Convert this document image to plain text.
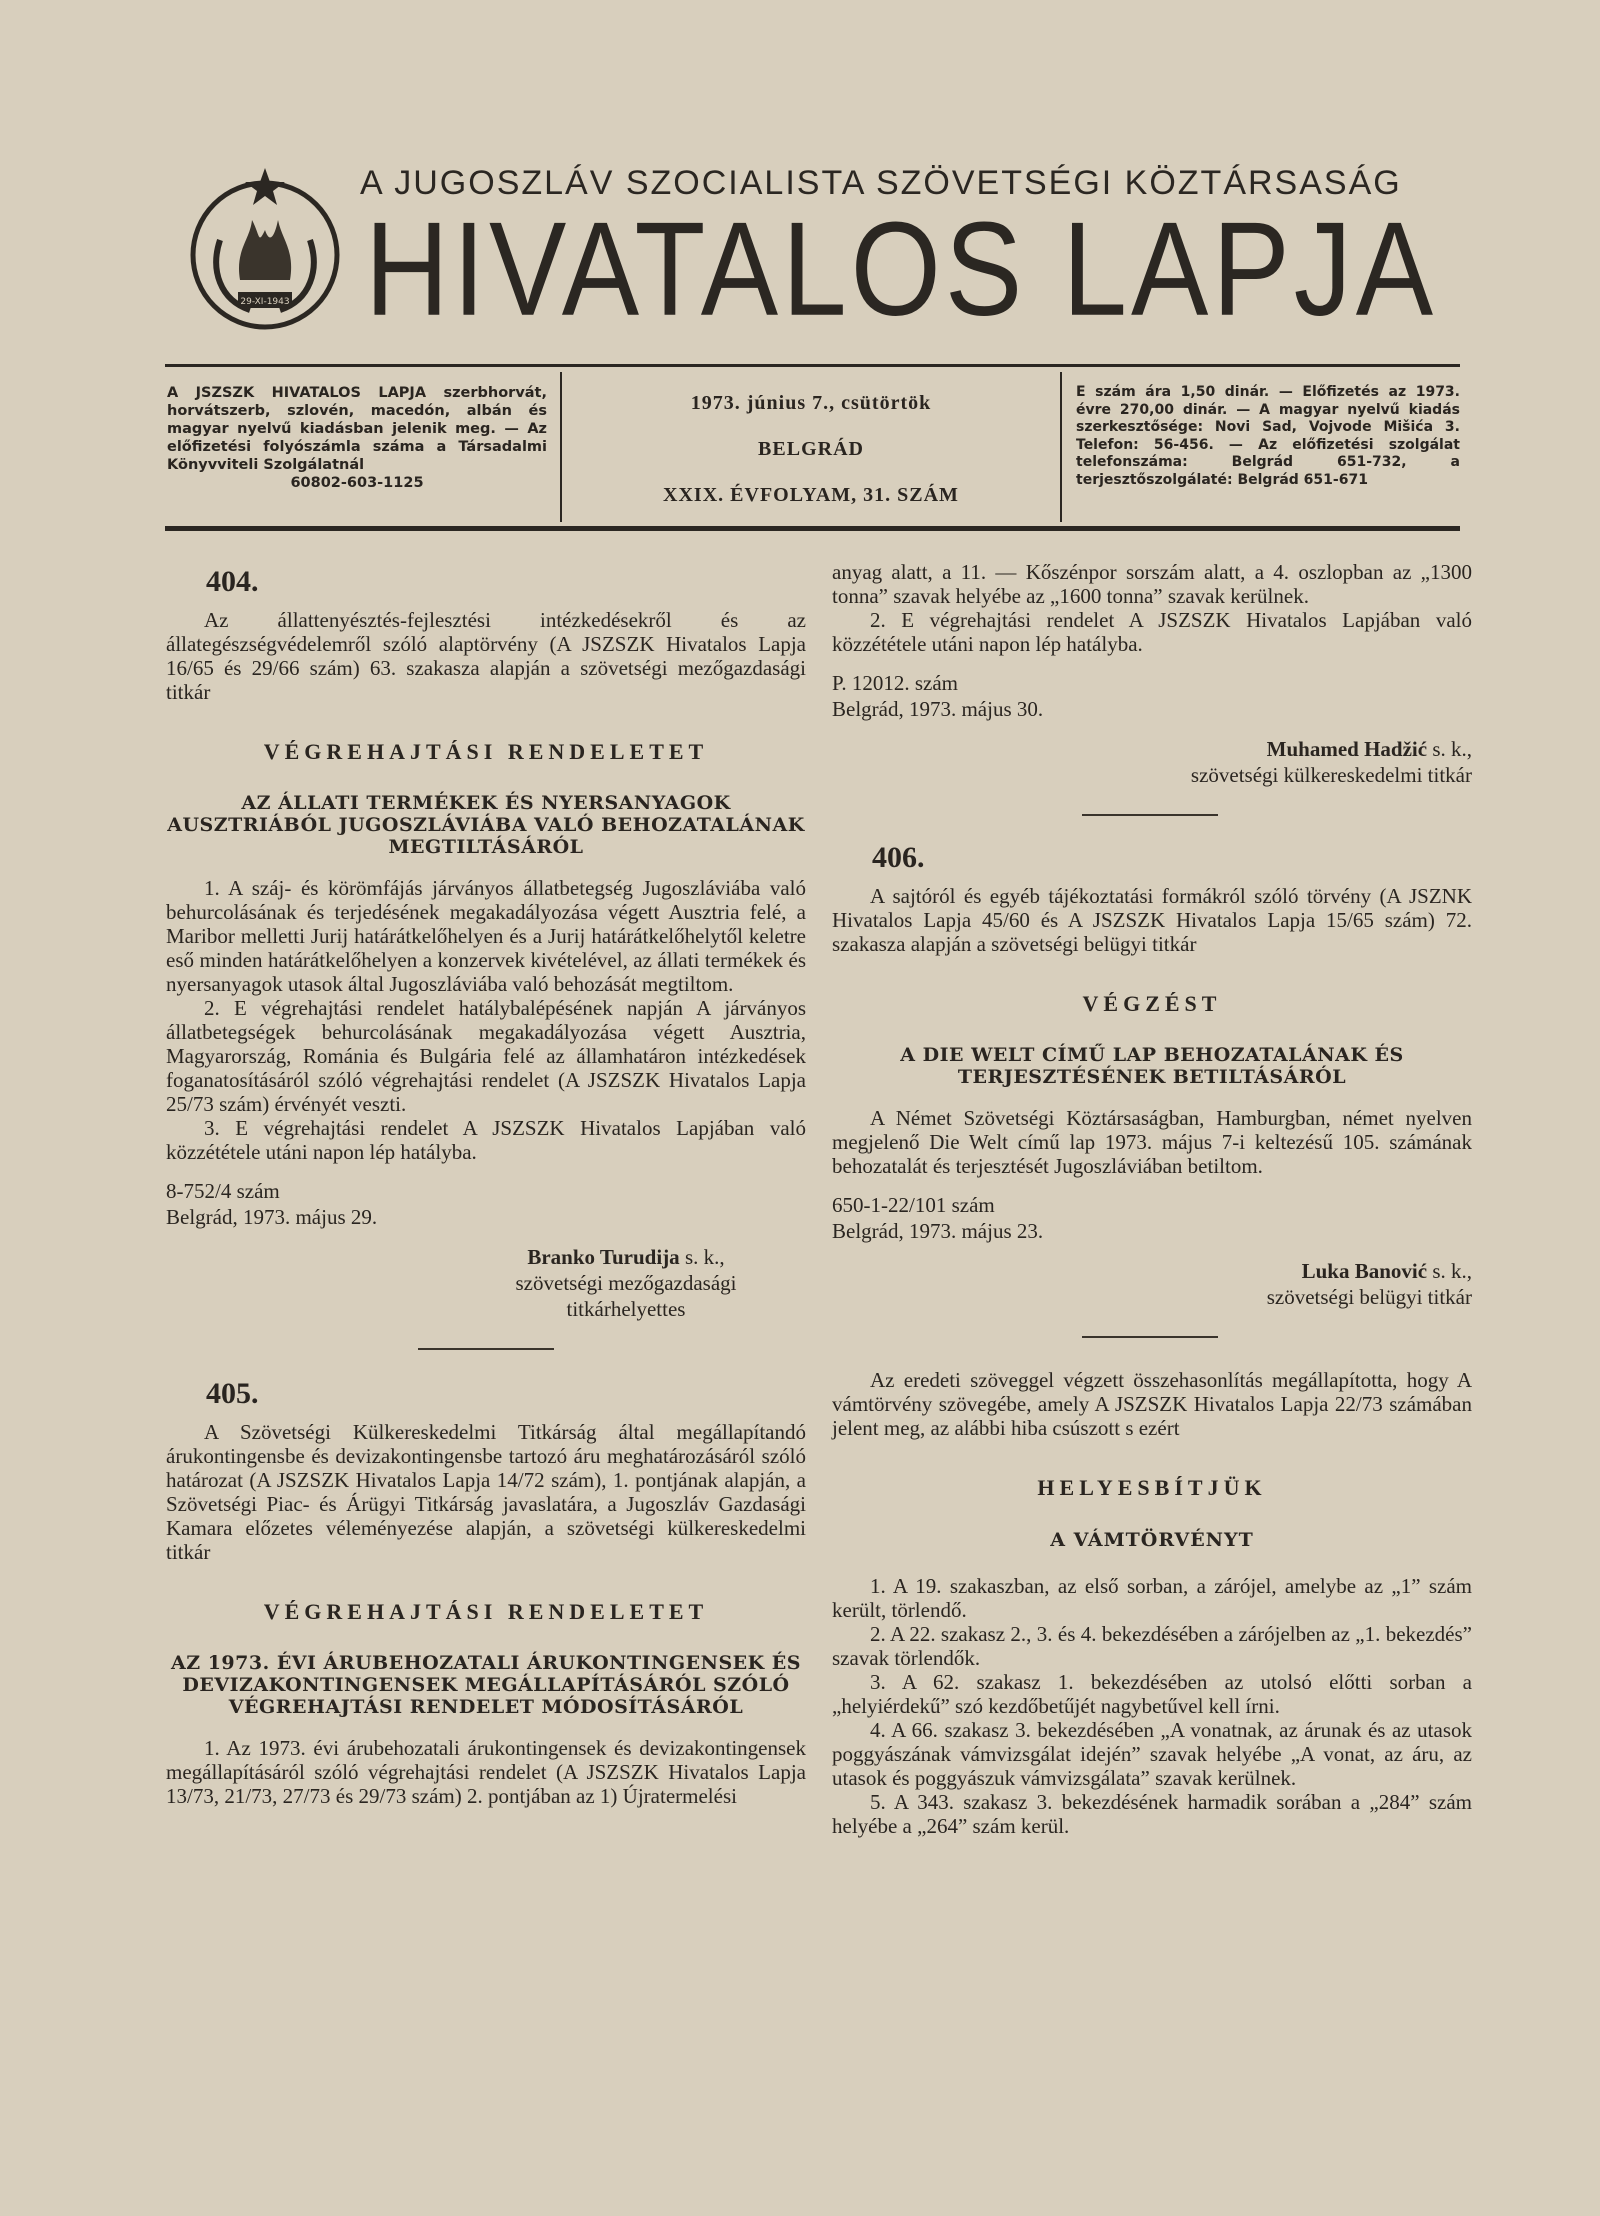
29-XI-1943
A JUGOSZLÁV SZOCIALISTA SZÖVETSÉGI KÖZTÁRSASÁG
HIVATALOS LAPJA
A JSZSZK HIVATALOS LAPJA szerbhorvát, horvátszerb, szlovén, macedón, albán és magyar nyelvű kiadásban jelenik meg. — Az előfizetési folyószámla száma a Társadalmi Könyvviteli Szolgálatnál
60802-603-1125
1973. június 7., csütörtök
BELGRÁD
XXIX. ÉVFOLYAM, 31. SZÁM
E szám ára 1,50 dinár. — Előfizetés az 1973. évre 270,00 dinár. — A magyar nyelvű kiadás szerkesztősége: Novi Sad, Vojvode Mišića 3. Telefon: 56-456. — Az előfizetési szolgálat telefonszáma: Belgrád 651-732, a terjesztőszolgálaté: Belgrád 651-671
404.

Az állattenyésztés-fejlesztési intézkedésekről és az állategészségvédelemről szóló alaptörvény (A JSZSZK Hivatalos Lapja 16/65 és 29/66 szám) 63. szakasza alapján a szövetségi mezőgazdasági titkár

VÉGREHAJTÁSI RENDELETET
AZ ÁLLATI TERMÉKEK ÉS NYERSANYAGOK AUSZTRIÁBÓL JUGOSZLÁVIÁBA VALÓ BEHOZATALÁNAK MEGTILTÁSÁRÓL

1. A száj- és körömfájás járványos állatbetegség Jugoszláviába való behurcolásának és terjedésének megakadályozása végett Ausztria felé, a Maribor melletti Jurij határátkelőhelyen és a Jurij határátkelőhelytől keletre eső minden határátkelőhelyen a konzervek kivételével, az állati termékek és nyersanyagok utasok által Jugoszláviába való behozását megtiltom.

2. E végrehajtási rendelet hatálybalépésének napján A járványos állatbetegségek behurcolásának megakadályozása végett Ausztria, Magyarország, Románia és Bulgária felé az államhatáron intézkedések foganatosításáról szóló végrehajtási rendelet (A JSZSZK Hivatalos Lapja 25/73 szám) érvényét veszti.

3. E végrehajtási rendelet A JSZSZK Hivatalos Lapjában való közzététele utáni napon lép hatályba.

8-752/4 szám
Belgrád, 1973. május 29.
Branko Turudija s. k.,
szövetségi mezőgazdasági
titkárhelyettes
405.

A Szövetségi Külkereskedelmi Titkárság által megállapítandó árukontingensbe és devizakontingensbe tartozó áru meghatározásáról szóló határozat (A JSZSZK Hivatalos Lapja 14/72 szám), 1. pontjának alapján, a Szövetségi Piac- és Árügyi Titkárság javaslatára, a Jugoszláv Gazdasági Kamara előzetes véleményezése alapján, a szövetségi külkereskedelmi titkár

VÉGREHAJTÁSI RENDELETET
AZ 1973. ÉVI ÁRUBEHOZATALI ÁRUKONTINGENSEK ÉS DEVIZAKONTINGENSEK MEGÁLLAPÍTÁSÁRÓL SZÓLÓ VÉGREHAJTÁSI RENDELET MÓDOSÍTÁSÁRÓL

1. Az 1973. évi árubehozatali árukontingensek és devizakontingensek megállapításáról szóló végrehajtási rendelet (A JSZSZK Hivatalos Lapja 13/73, 21/73, 27/73 és 29/73 szám) 2. pontjában az 1) Újratermelési

anyag alatt, a 11. — Kőszénpor sorszám alatt, a 4. oszlopban az „1300 tonna” szavak helyébe az „1600 tonna” szavak kerülnek.

2. E végrehajtási rendelet A JSZSZK Hivatalos Lapjában való közzététele utáni napon lép hatályba.

P. 12012. szám
Belgrád, 1973. május 30.
Muhamed Hadžić s. k.,
szövetségi külkereskedelmi titkár
406.

A sajtóról és egyéb tájékoztatási formákról szóló törvény (A JSZNK Hivatalos Lapja 45/60 és A JSZSZK Hivatalos Lapja 15/65 szám) 72. szakasza alapján a szövetségi belügyi titkár

VÉGZÉST
A DIE WELT CÍMŰ LAP BEHOZATALÁNAK ÉS TERJESZTÉSÉNEK BETILTÁSÁRÓL

A Német Szövetségi Köztársaságban, Hamburgban, német nyelven megjelenő Die Welt című lap 1973. május 7-i keltezésű 105. számának behozatalát és terjesztését Jugoszláviában betiltom.

650-1-22/101 szám
Belgrád, 1973. május 23.
Luka Banović s. k.,
szövetségi belügyi titkár

Az eredeti szöveggel végzett összehasonlítás megállapította, hogy A vámtörvény szövegébe, amely A JSZSZK Hivatalos Lapja 22/73 számában jelent meg, az alábbi hiba csúszott s ezért

HELYESBÍTJÜK
A VÁMTÖRVÉNYT

1. A 19. szakaszban, az első sorban, a zárójel, amelybe az „1” szám került, törlendő.

2. A 22. szakasz 2., 3. és 4. bekezdésében a zárójelben az „1. bekezdés” szavak törlendők.

3. A 62. szakasz 1. bekezdésében az utolsó előtti sorban a „helyiérdekű” szó kezdőbetűjét nagybetűvel kell írni.

4. A 66. szakasz 3. bekezdésében „A vonatnak, az árunak és az utasok poggyászának vámvizsgálat idején” szavak helyébe „A vonat, az áru, az utasok és poggyászuk vámvizsgálata” szavak kerülnek.

5. A 343. szakasz 3. bekezdésének harmadik sorában a „284” szám helyébe a „264” szám kerül.
